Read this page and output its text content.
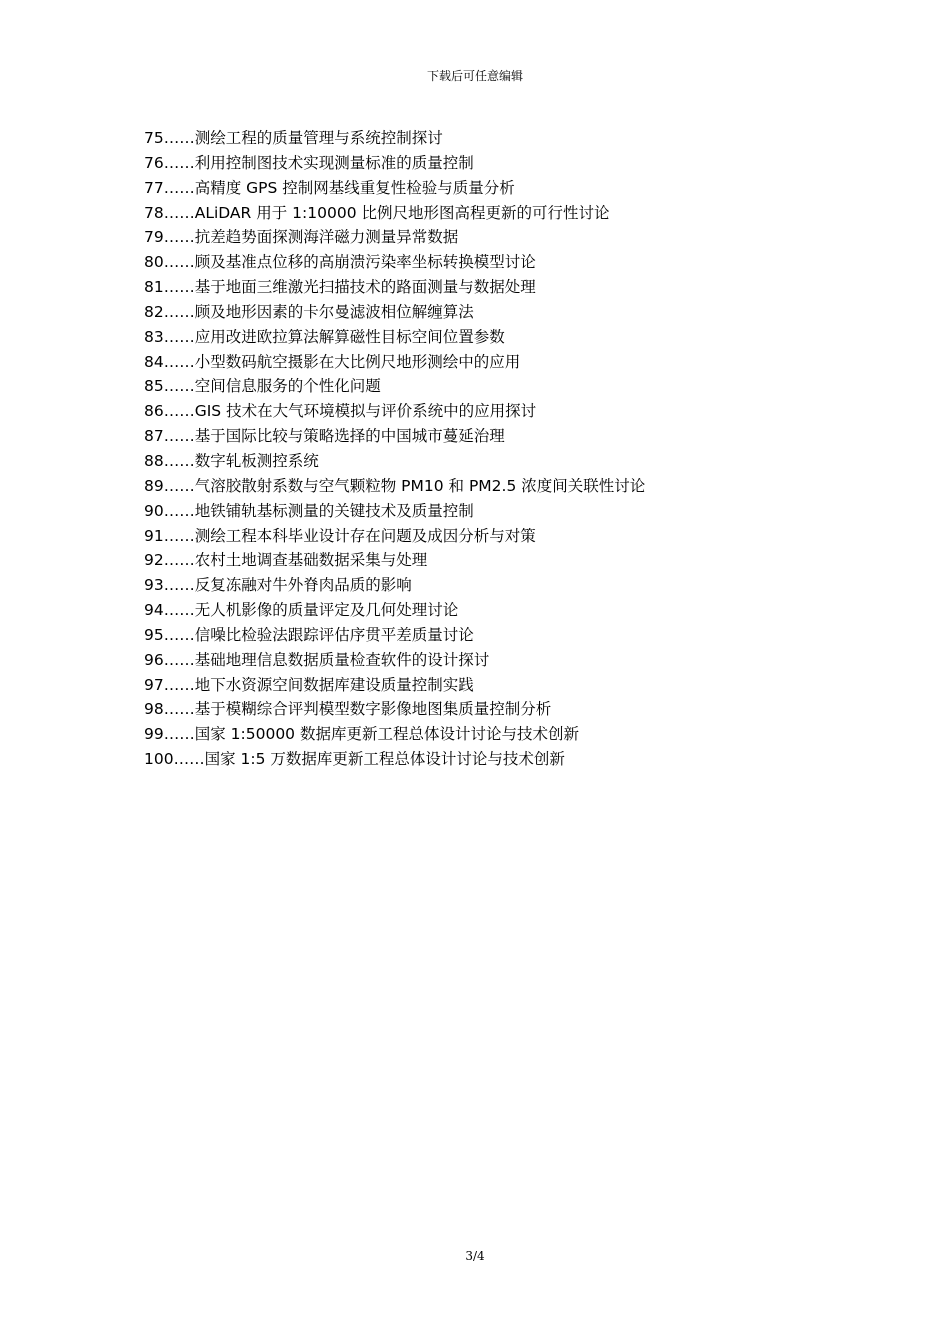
下载后可任意编辑
75……测绘工程的质量管理与系统控制探讨
76……利用控制图技术实现测量标准的质量控制
77……高精度 GPS 控制网基线重复性检验与质量分析
78……ALiDAR 用于 1:10000 比例尺地形图高程更新的可行性讨论
79……抗差趋势面探测海洋磁力测量异常数据
80……顾及基准点位移的高崩溃污染率坐标转换模型讨论
81……基于地面三维激光扫描技术的路面测量与数据处理
82……顾及地形因素的卡尔曼滤波相位解缠算法
83……应用改进欧拉算法解算磁性目标空间位置参数
84……小型数码航空摄影在大比例尺地形测绘中的应用
85……空间信息服务的个性化问题
86……GIS 技术在大气环境模拟与评价系统中的应用探讨
87……基于国际比较与策略选择的中国城市蔓延治理
88……数字轧板测控系统
89……气溶胶散射系数与空气颗粒物 PM10 和 PM2.5 浓度间关联性讨论
90……地铁铺轨基标测量的关键技术及质量控制
91……测绘工程本科毕业设计存在问题及成因分析与对策
92……农村土地调查基础数据采集与处理
93……反复冻融对牛外脊肉品质的影响
94……无人机影像的质量评定及几何处理讨论
95……信噪比检验法跟踪评估序贯平差质量讨论
96……基础地理信息数据质量检查软件的设计探讨
97……地下水资源空间数据库建设质量控制实践
98……基于模糊综合评判模型数字影像地图集质量控制分析
99……国家 1:50000 数据库更新工程总体设计讨论与技术创新
100……国家 1:5 万数据库更新工程总体设计讨论与技术创新
3/4
